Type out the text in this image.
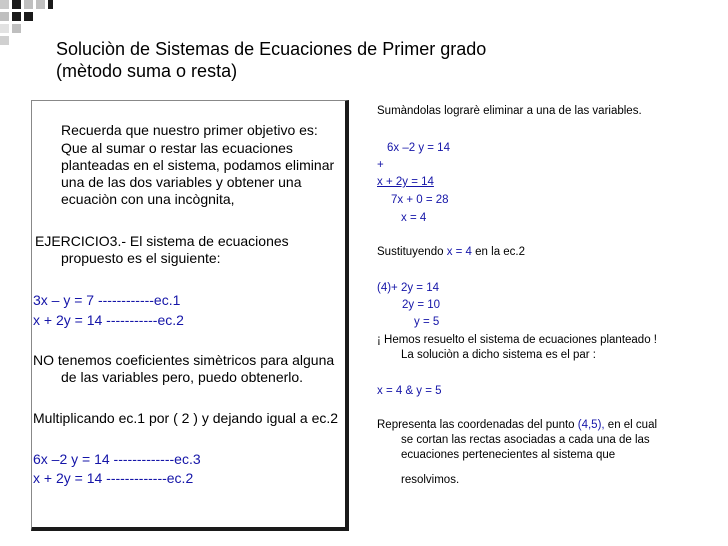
Soluciòn de Sistemas de Ecuaciones de Primer grado
(mètodo suma o resta)
Recuerda que nuestro primer objetivo es:
Que al sumar o restar las ecuaciones
planteadas en el sistema, podamos eliminar
una de las dos variables y obtener una
ecuaciòn con una incògnita,
EJERCICIO3.- El sistema de ecuaciones
propuesto es el siguiente:
3x – y = 7 ------------ec.1
x + 2y = 14 -----------ec.2
NO tenemos coeficientes simètricos para alguna
de las variables pero, puedo obtenerlo.
Multiplicando ec.1 por ( 2 ) y dejando igual a ec.2
6x –2 y = 14 -------------ec.3
x + 2y = 14 -------------ec.2
Sumàndolas lograrè eliminar a una de las variables.
6x –2 y = 14
+
x + 2y = 14
7x + 0 = 28
x = 4
Sustituyendo x = 4 en la ec.2
(4)+ 2y = 14
2y = 10
y = 5
¡ Hemos resuelto el sistema de ecuaciones planteado !
La soluciòn a dicho sistema es el par :
x = 4 & y = 5
Representa las coordenadas del punto (4,5), en el cual
se cortan las rectas asociadas a cada una de las
ecuaciones pertenecientes al sistema que
resolvimos.
